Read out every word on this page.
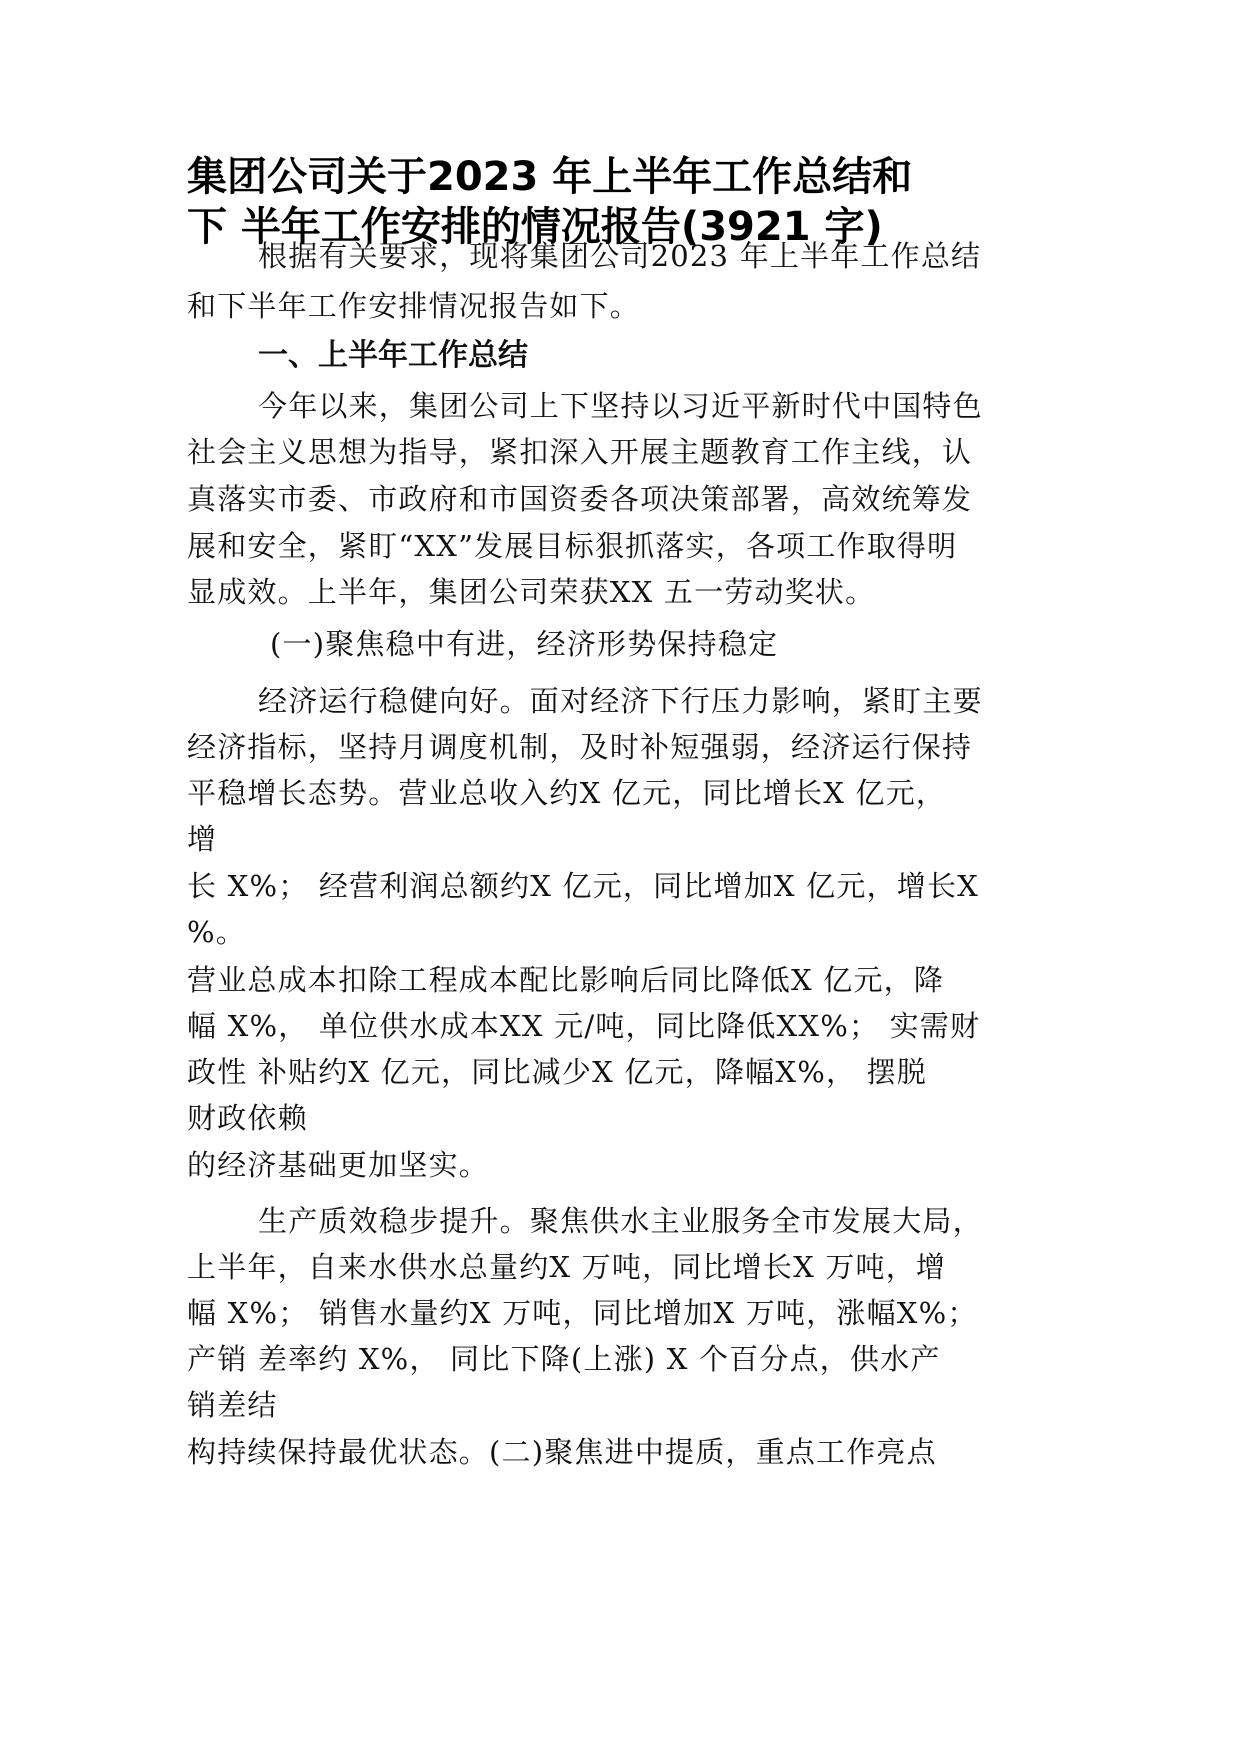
集团公司关于2023 年上半年工作总结和
下 半年工作安排的情况报告(3921 字)

根据有关要求，现将集团公司2023 年上半年工作总结

和下半年工作安排情况报告如下。

一、上半年工作总结

今年以来，集团公司上下坚持以习近平新时代中国特色

社会主义思想为指导，紧扣深入开展主题教育工作主线，认

真落实市委、市政府和市国资委各项决策部署，高效统筹发

展和安全，紧盯“XX”发展目标狠抓落实，各项工作取得明

显成效。上半年，集团公司荣获XX 五一劳动奖状。

(一)聚焦稳中有进，经济形势保持稳定

经济运行稳健向好。面对经济下行压力影响，紧盯主要

经济指标，坚持月调度机制，及时补短强弱，经济运行保持

平稳增长态势。营业总收入约X 亿元，同比增长X 亿元，

增

长 X%； 经营利润总额约X 亿元，同比增加X 亿元，增长X

%。

营业总成本扣除工程成本配比影响后同比降低X 亿元，降

幅 X%， 单位供水成本XX 元/吨，同比降低XX%； 实需财

政性 补贴约X 亿元，同比减少X 亿元，降幅X%， 摆脱

财政依赖

的经济基础更加坚实。

生产质效稳步提升。聚焦供水主业服务全市发展大局，

上半年，自来水供水总量约X 万吨，同比增长X 万吨，增

幅 X%； 销售水量约X 万吨，同比增加X 万吨，涨幅X%；

产销 差率约 X%， 同比下降(上涨) X 个百分点，供水产

销差结

构持续保持最优状态。(二)聚焦进中提质，重点工作亮点
